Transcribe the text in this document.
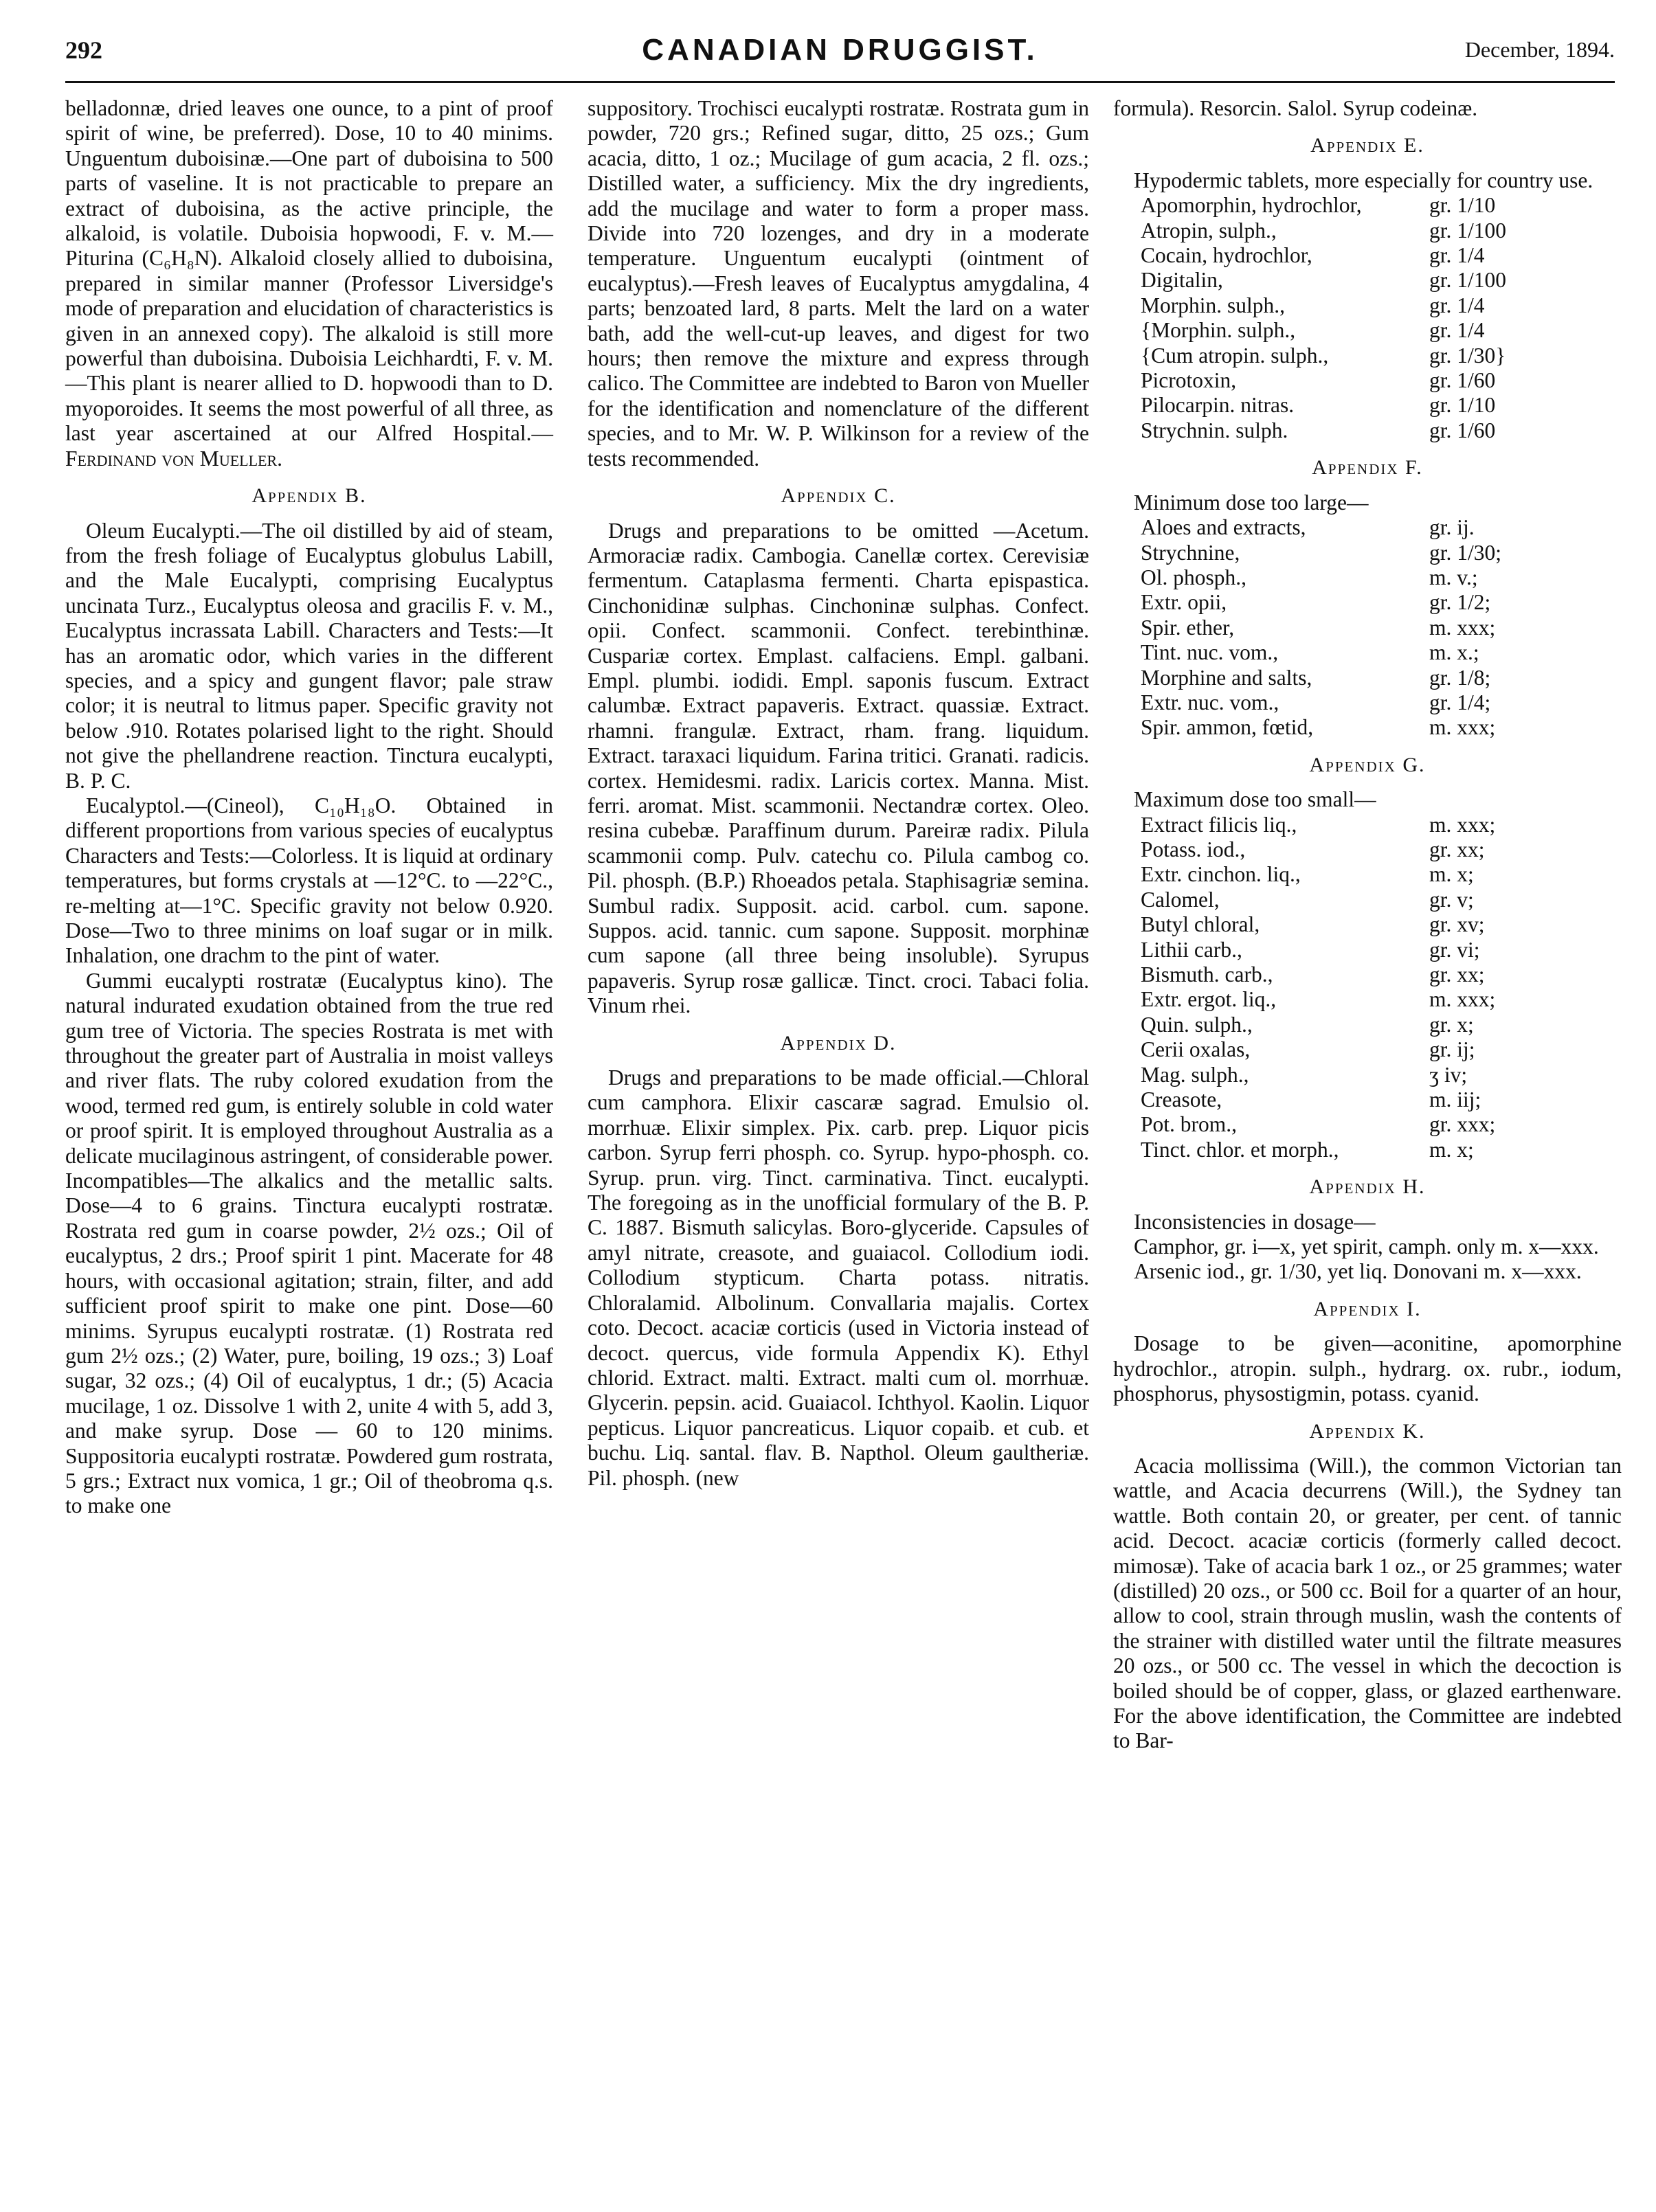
292	CANADIAN DRUGGIST.	December, 1894.

belladonnæ, dried leaves one ounce, to a pint of proof spirit of wine, be preferred). Dose, 10 to 40 minims. Unguentum duboisinæ.—One part of duboisina to 500 parts of vaseline. It is not practicable to prepare an extract of duboisina, as the active principle, the alkaloid, is volatile. Duboisia hopwoodi, F. v. M.—Piturina (C₆H₈N). Alkaloid closely allied to duboisina, prepared in similar manner (Professor Liversidge's mode of preparation and elucidation of characteristics is given in an annexed copy). The alkaloid is still more powerful than duboisina. Duboisia Leichhardti, F. v. M.—This plant is nearer allied to D. hopwoodi than to D. myoporoides. It seems the most powerful of all three, as last year ascertained at our Alfred Hospital.—Ferdinand von Mueller.

Appendix B.

Oleum Eucalypti.—The oil distilled by aid of steam, from the fresh foliage of Eucalyptus globulus Labill, and the Male Eucalypti, comprising Eucalyptus uncinata Turz., Eucalyptus oleosa and gracilis F. v. M., Eucalyptus incrassata Labill. Characters and Tests:—It has an aromatic odor, which varies in the different species, and a spicy and gungent flavor; pale straw color; it is neutral to litmus paper. Specific gravity not below .910. Rotates polarised light to the right. Should not give the phellandrene reaction. Tinctura eucalypti, B. P. C.

Eucalyptol.—(Cineol), C₁₀H₁₈O. Obtained in different proportions from various species of eucalyptus Characters and Tests:—Colorless. It is liquid at ordinary temperatures, but forms crystals at —12°C. to —22°C., re-melting at—1°C. Specific gravity not below 0.920. Dose—Two to three minims on loaf sugar or in milk. Inhalation, one drachm to the pint of water.

Gummi eucalypti rostratæ (Eucalyptus kino). The natural indurated exudation obtained from the true red gum tree of Victoria. The species Rostrata is met with throughout the greater part of Australia in moist valleys and river flats. The ruby colored exudation from the wood, termed red gum, is entirely soluble in cold water or proof spirit. It is employed throughout Australia as a delicate mucilaginous astringent, of considerable power. Incompatibles—The alkalics and the metallic salts. Dose—4 to 6 grains. Tinctura eucalypti rostratæ. Rostrata red gum in coarse powder, 2½ ozs.; Oil of eucalyptus, 2 drs.; Proof spirit 1 pint. Macerate for 48 hours, with occasional agitation; strain, filter, and add sufficient proof spirit to make one pint. Dose—60 minims. Syrupus eucalypti rostratæ. (1) Rostrata red gum 2½ ozs.; (2) Water, pure, boiling, 19 ozs.; 3) Loaf sugar, 32 ozs.; (4) Oil of eucalyptus, 1 dr.; (5) Acacia mucilage, 1 oz. Dissolve 1 with 2, unite 4 with 5, add 3, and make syrup. Dose — 60 to 120 minims. Suppositoria eucalypti rostratæ. Powdered gum rostrata, 5 grs.; Extract nux vomica, 1 gr.; Oil of theobroma q.s. to make one

suppository. Trochisci eucalypti rostratæ. Rostrata gum in powder, 720 grs.; Refined sugar, ditto, 25 ozs.; Gum acacia, ditto, 1 oz.; Mucilage of gum acacia, 2 fl. ozs.; Distilled water, a sufficiency. Mix the dry ingredients, add the mucilage and water to form a proper mass. Divide into 720 lozenges, and dry in a moderate temperature. Unguentum eucalypti (ointment of eucalyptus).—Fresh leaves of Eucalyptus amygdalina, 4 parts; benzoated lard, 8 parts. Melt the lard on a water bath, add the well-cut-up leaves, and digest for two hours; then remove the mixture and express through calico. The Committee are indebted to Baron von Mueller for the identification and nomenclature of the different species, and to Mr. W. P. Wilkinson for a review of the tests recommended.

Appendix C.

Drugs and preparations to be omitted —Acetum. Armoraciæ radix. Cambogia. Canellæ cortex. Cerevisiæ fermentum. Cataplasma fermenti. Charta epispastica. Cinchonidinæ sulphas. Cinchoninæ sulphas. Confect. opii. Confect. scammonii. Confect. terebinthinæ. Cuspariæ cortex. Emplast. calfaciens. Empl. galbani. Empl. plumbi. iodidi. Empl. saponis fuscum. Extract calumbæ. Extract papaveris. Extract. quassiæ. Extract. rhamni. frangulæ. Extract, rham. frang. liquidum. Extract. taraxaci liquidum. Farina tritici. Granati. radicis. cortex. Hemidesmi. radix. Laricis cortex. Manna. Mist. ferri. aromat. Mist. scammonii. Nectandræ cortex. Oleo. resina cubebæ. Paraffinum durum. Pareiræ radix. Pilula scammonii comp. Pulv. catechu co. Pilula cambog co. Pil. phosph. (B.P.) Rhoeados petala. Staphisagriæ semina. Sumbul radix. Supposit. acid. carbol. cum. sapone. Suppos. acid. tannic. cum sapone. Supposit. morphinæ cum sapone (all three being insoluble). Syrupus papaveris. Syrup rosæ gallicæ. Tinct. croci. Tabaci folia. Vinum rhei.

Appendix D.

Drugs and preparations to be made official.—Chloral cum camphora. Elixir cascaræ sagrad. Emulsio ol. morrhuæ. Elixir simplex. Pix. carb. prep. Liquor picis carbon. Syrup ferri phosph. co. Syrup. hypo-phosph. co. Syrup. prun. virg. Tinct. carminativa. Tinct. eucalypti. The foregoing as in the unofficial formulary of the B. P. C. 1887. Bismuth salicylas. Boro-glyceride. Capsules of amyl nitrate, creasote, and guaiacol. Collodium iodi. Collodium stypticum. Charta potass. nitratis. Chloralamid. Albolinum. Convallaria majalis. Cortex coto. Decoct. acaciæ corticis (used in Victoria instead of decoct. quercus, vide formula Appendix K). Ethyl chlorid. Extract. malti. Extract. malti cum ol. morrhuæ. Glycerin. pepsin. acid. Guaiacol. Ichthyol. Kaolin. Liquor pepticus. Liquor pancreaticus. Liquor copaib. et cub. et buchu. Liq. santal. flav. B. Napthol. Oleum gaultheriæ. Pil. phosph. (new

formula). Resorcin. Salol. Syrup codeinæ.

Appendix E.

Hypodermic tablets, more especially for country use.

Apomorphin, hydrochlor,	gr. 1/10
Atropin, sulph.,	gr. 1/100
Cocain, hydrochlor,	gr. 1/4
Digitalin,	gr. 1/100
Morphin. sulph.,	gr. 1/4
{Morphin. sulph.,	gr. 1/4
{Cum atropin. sulph.,	gr. 1/30}
Picrotoxin,	gr. 1/60
Pilocarpin. nitras.	gr. 1/10
Strychnin. sulph.	gr. 1/60
Appendix F.

Minimum dose too large—

Aloes and extracts,	gr. ij.
Strychnine,	gr. 1/30;
Ol. phosph.,	m. v.;
Extr. opii,	gr. 1/2;
Spir. ether,	m. xxx;
Tint. nuc. vom.,	m. x.;
Morphine and salts,	gr. 1/8;
Extr. nuc. vom.,	gr. 1/4;
Spir. ammon, fœtid,	m. xxx;
Appendix G.

Maximum dose too small—

Extract filicis liq.,	m. xxx;
Potass. iod.,	gr. xx;
Extr. cinchon. liq.,	m. x;
Calomel,	gr. v;
Butyl chloral,	gr. xv;
Lithii carb.,	gr. vi;
Bismuth. carb.,	gr. xx;
Extr. ergot. liq.,	m. xxx;
Quin. sulph.,	gr. x;
Cerii oxalas,	gr. ij;
Mag. sulph.,	ʒ iv;
Creasote,	m. iij;
Pot. brom.,	gr. xxx;
Tinct. chlor. et morph.,	m. x;
Appendix H.

Inconsistencies in dosage—

Camphor, gr. i—x, yet spirit, camph. only m. x—xxx.

Arsenic iod., gr. 1/30, yet liq. Donovani m. x—xxx.

Appendix I.

Dosage to be given—aconitine, apomorphine hydrochlor., atropin. sulph., hydrarg. ox. rubr., iodum, phosphorus, physostigmin, potass. cyanid.

Appendix K.

Acacia mollissima (Will.), the common Victorian tan wattle, and Acacia decurrens (Will.), the Sydney tan wattle. Both contain 20, or greater, per cent. of tannic acid. Decoct. acaciæ corticis (formerly called decoct. mimosæ). Take of acacia bark 1 oz., or 25 grammes; water (distilled) 20 ozs., or 500 cc. Boil for a quarter of an hour, allow to cool, strain through muslin, wash the contents of the strainer with distilled water until the filtrate measures 20 ozs., or 500 cc. The vessel in which the decoction is boiled should be of copper, glass, or glazed earthenware. For the above identification, the Committee are indebted to Bar-
